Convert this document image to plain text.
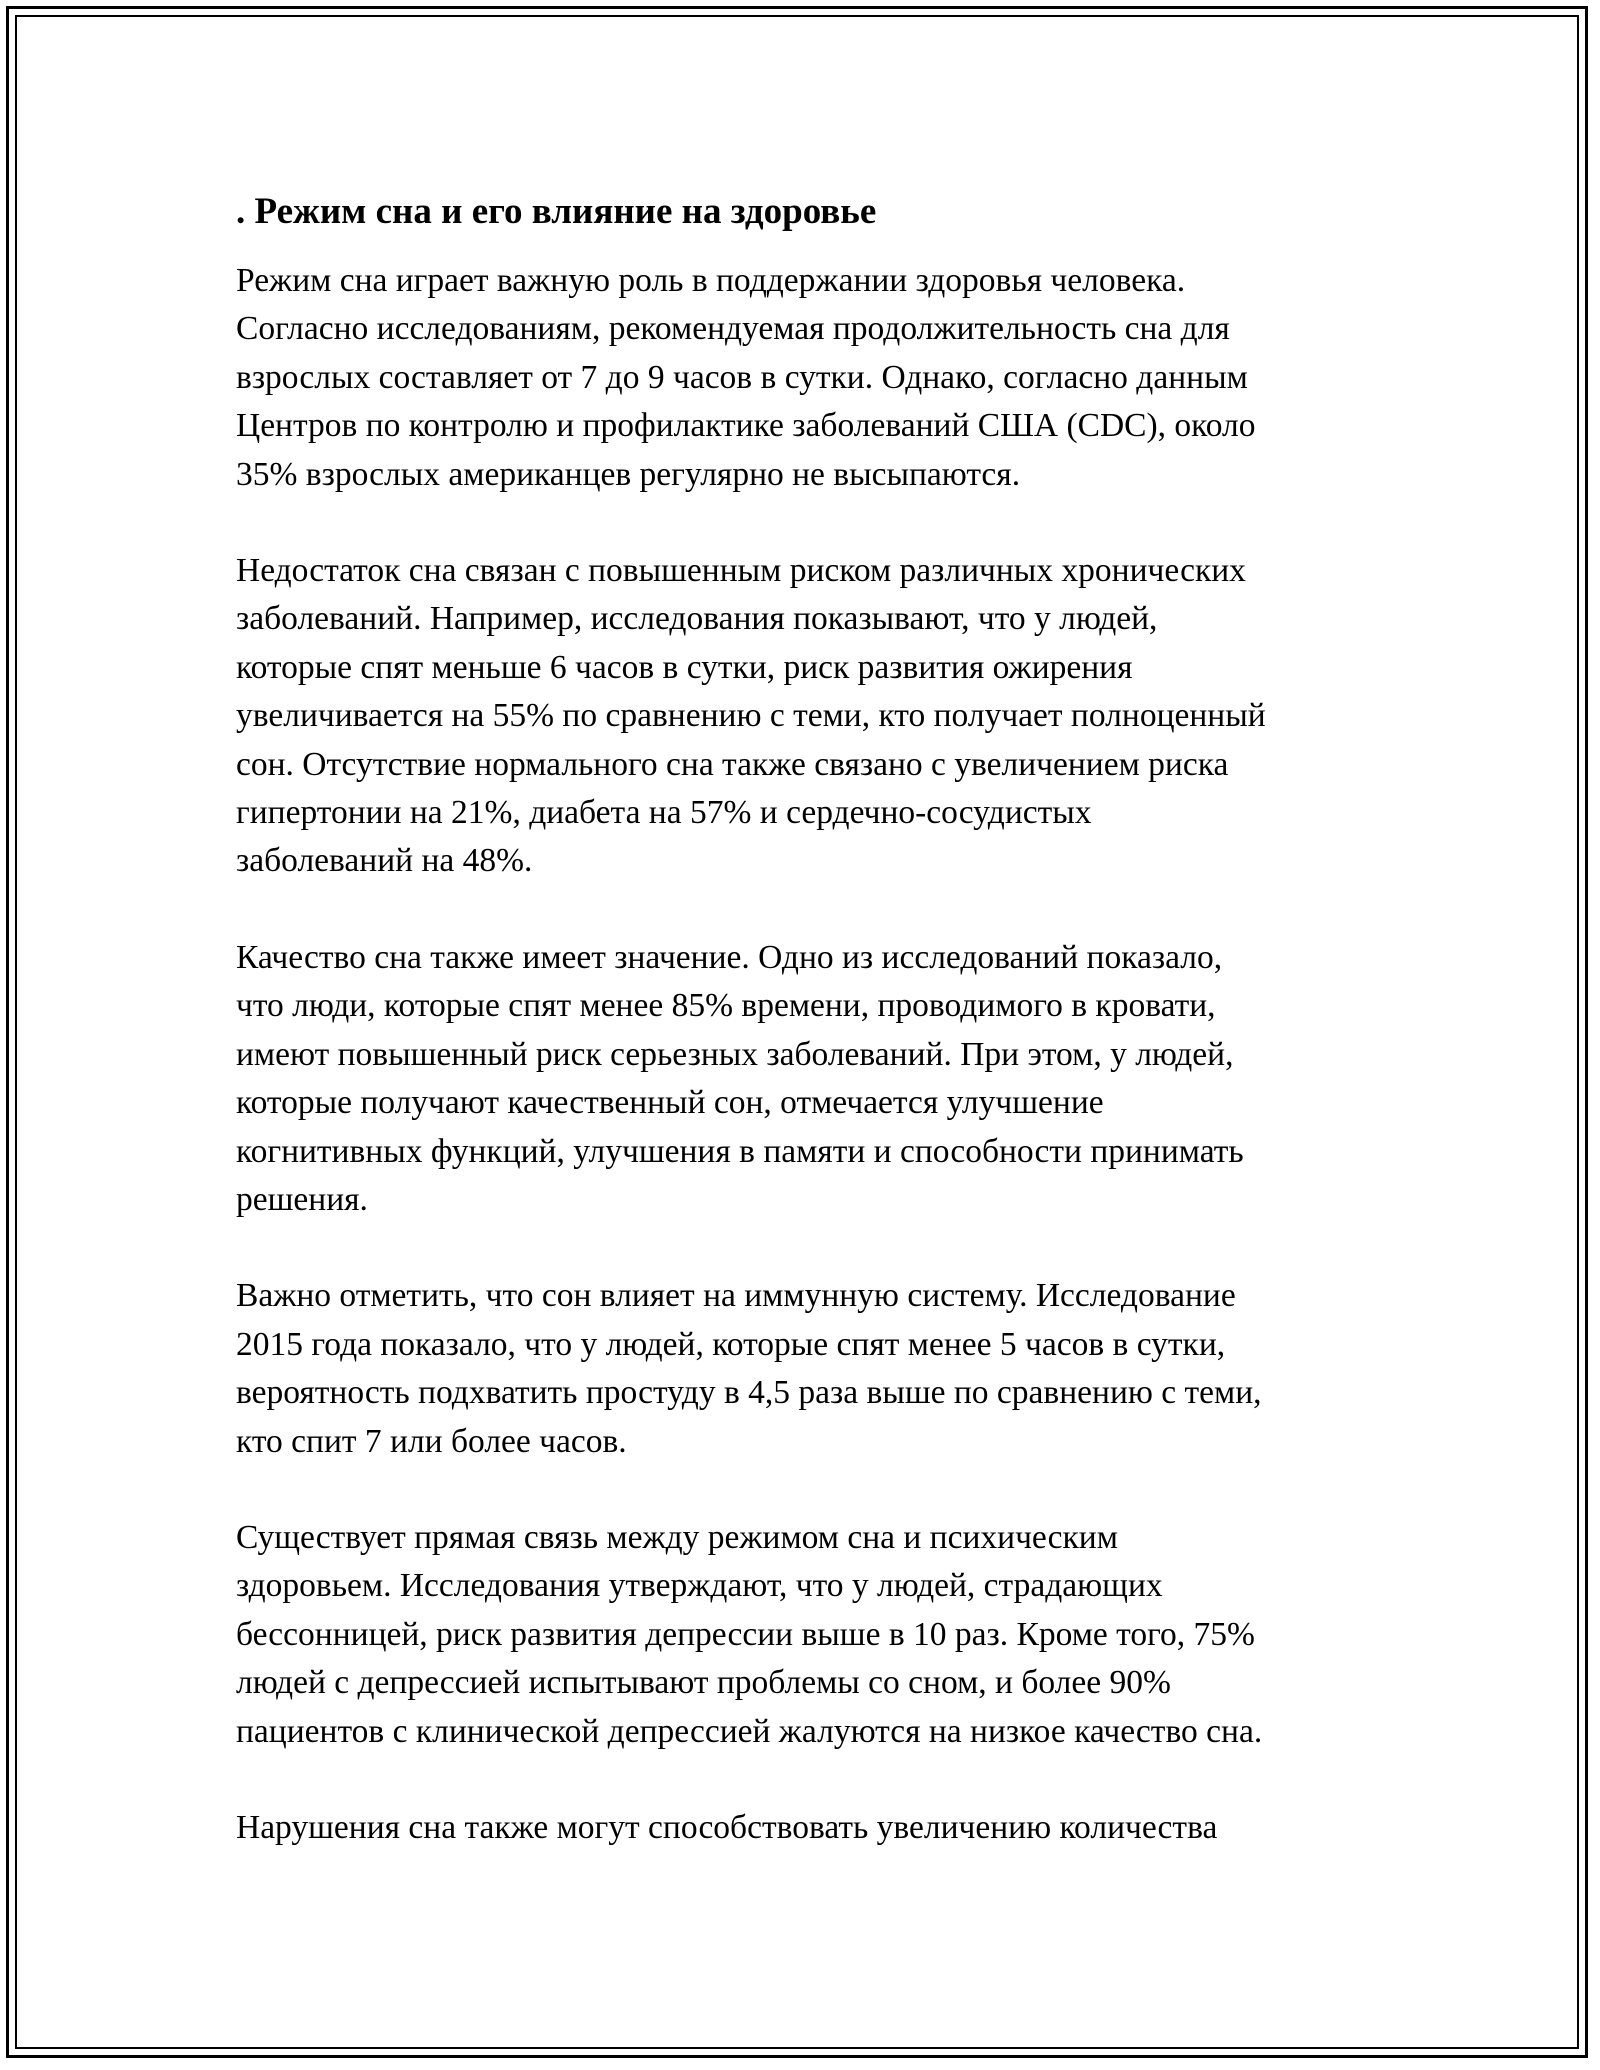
. Режим сна и его влияние на здоровье

Режим сна играет важную роль в поддержании здоровья человека.
Согласно исследованиям, рекомендуемая продолжительность сна для
взрослых составляет от 7 до 9 часов в сутки. Однако, согласно данным
Центров по контролю и профилактике заболеваний США (CDC), около
35% взрослых американцев регулярно не высыпаются.

Недостаток сна связан с повышенным риском различных хронических
заболеваний. Например, исследования показывают, что у людей,
которые спят меньше 6 часов в сутки, риск развития ожирения
увеличивается на 55% по сравнению с теми, кто получает полноценный
сон. Отсутствие нормального сна также связано с увеличением риска
гипертонии на 21%, диабета на 57% и сердечно-сосудистых
заболеваний на 48%.

Качество сна также имеет значение. Одно из исследований показало,
что люди, которые спят менее 85% времени, проводимого в кровати,
имеют повышенный риск серьезных заболеваний. При этом, у людей,
которые получают качественный сон, отмечается улучшение
когнитивных функций, улучшения в памяти и способности принимать
решения.

Важно отметить, что сон влияет на иммунную систему. Исследование
2015 года показало, что у людей, которые спят менее 5 часов в сутки,
вероятность подхватить простуду в 4,5 раза выше по сравнению с теми,
кто спит 7 или более часов.

Существует прямая связь между режимом сна и психическим
здоровьем. Исследования утверждают, что у людей, страдающих
бессонницей, риск развития депрессии выше в 10 раз. Кроме того, 75%
людей с депрессией испытывают проблемы со сном, и более 90%
пациентов с клинической депрессией жалуются на низкое качество сна.

Нарушения сна также могут способствовать увеличению количества
